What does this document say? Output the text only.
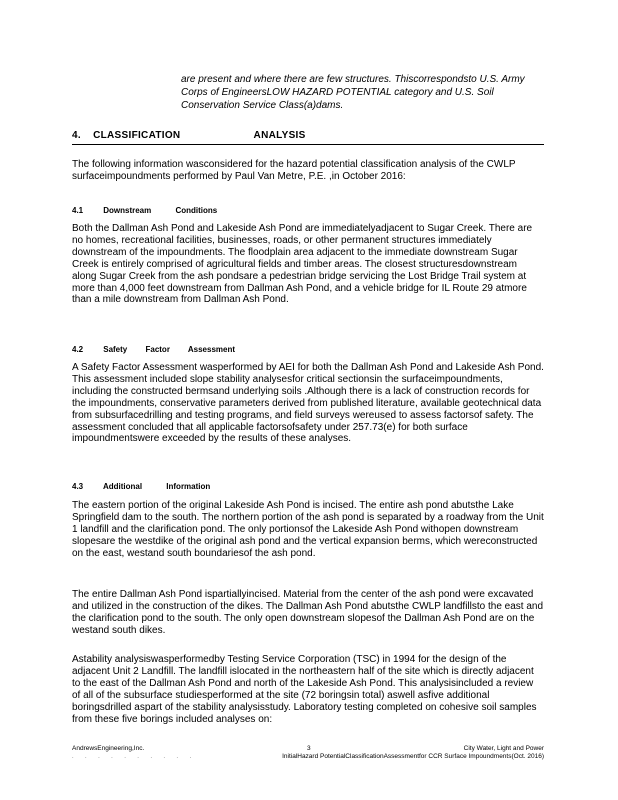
are present and where there are few structures. Thiscorrespondsto U.S. Army Corps of EngineersLOW HAZARD POTENTIAL category and U.S. Soil Conservation Service Class(a)dams.
4. CLASSIFICATION	ANALYSIS
The following information wasconsidered for the hazard potential classification analysis of the CWLP surfaceimpoundments performed by Paul Van Metre, P.E. ,in October 2016:
4.1	Downstream	Conditions
Both the Dallman Ash Pond and Lakeside Ash Pond are immediatelyadjacent to Sugar Creek. There are no homes, recreational facilities, businesses, roads, or other permanent structures immediately downstream of the impoundments. The floodplain area adjacent to the immediate downstream Sugar Creek is entirely comprised of agricultural fields and timber areas. The closest structuresdownstream along Sugar Creek from the ash pondsare a pedestrian bridge servicing the Lost Bridge Trail system at more than 4,000 feet downstream from Dallman Ash Pond, and a vehicle bridge for IL Route 29 atmore than a mile downstream from Dallman Ash Pond.
4.2	Safety Factor Assessment
A Safety Factor Assessment wasperformed by AEI for both the Dallman Ash Pond and Lakeside Ash Pond. This assessment included slope stability analysesfor critical sectionsin the surfaceimpoundments, including the constructed bermsand underlying soils .Although there is a lack of construction records for the impoundments, conservative parameters derived from published literature, available geotechnical data from subsurfacedrilling and testing programs, and field surveys wereused to assess factorsof safety. The assessment concluded that all applicable factorsofsafety under 257.73(e) for both surface impoundmentswere exceeded by the results of these analyses.
4.3 Additional	Information
The eastern portion of the original Lakeside Ash Pond is incised. The entire ash pond abutsthe Lake Springfield dam to the south. The northern portion of the ash pond is separated by a roadway from the Unit 1 landfill and the clarification pond. The only portionsof the Lakeside Ash Pond withopen downstream slopesare the westdike of the original ash pond and the vertical expansion berms, which wereconstructed on the east, westand south boundariesof the ash pond.
The entire Dallman Ash Pond ispartiallyincised. Material from the center of the ash pond were excavated and utilized in the construction of the dikes. The Dallman Ash Pond abutsthe CWLP landfillsto the east and the clarification pond to the south. The only open downstream slopesof the Dallman Ash Pond are on the westand south dikes.
Astability analysiswasperformedby Testing Service Corporation (TSC) in 1994 for the design of the adjacent Unit 2 Landfill. The landfill islocated in the northeastern half of the site which is directly adjacent to the east of the Dallman Ash Pond and north of the Lakeside Ash Pond. This analysisincluded a review of all of the subsurface studiesperformed at the site (72 boringsin total) aswell asfive additional boringsdrilled aspart of the stability analysisstudy. Laboratory testing completed on cohesive soil samples from these five borings included analyses on:
AndrewsEngineering,Inc.	3	City Water, Light and Power
InitialHazard PotentialClassificationAssessmentfor CCR Surface Impoundments(Oct. 2016)
· · · · · · · · · ·
